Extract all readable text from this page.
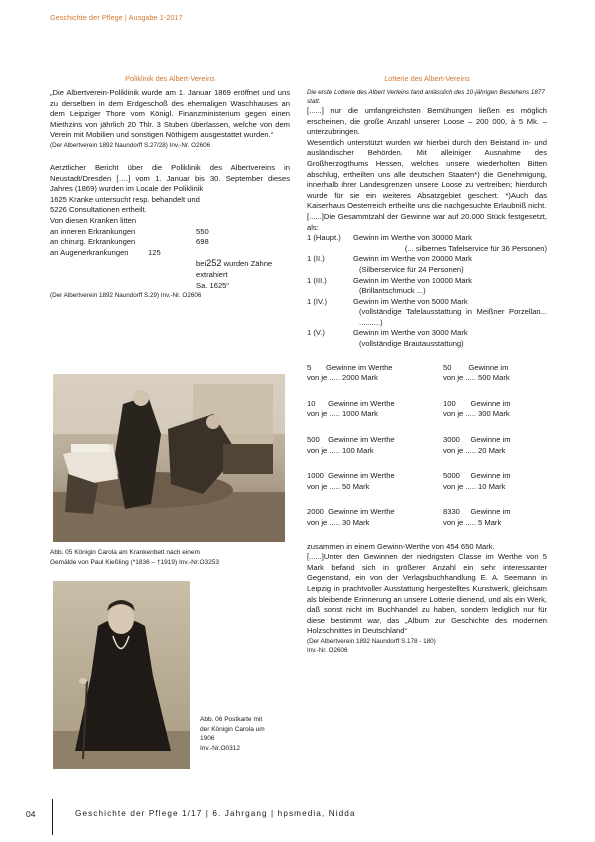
Geschichte der Pflege | Ausgabe 1-2017
Poliklinik des Albert-Vereins

„Die Albertverein-Poliklinik wurde am 1. Januar 1869 eröffnet und uns zu derselben in dem Erdgeschoß des ehemaligen Waschhauses an dem Leipziger Thore vom Königl. Finanzministerium gegen einen Miethzins von jährlich 20 Thlr. 3 Stuben überlassen, welche von dem Verein mit Mobilien und sonstigen Nöthigem ausgestattet wurden.“

(Der Albertverein 1892 Naundorff S.27/28) Inv.-Nr. O2606

Aerztlicher Bericht über die Poliklinik des Albertvereins in Neustadt/Dresden [….] vom 1. Januar bis 30. September dieses Jahres (1869) wurden im Locale der Poliklinik

1625 Kranke untersucht resp. behandelt und
5226 Consultationen ertheilt.
Von diesen Kranken litten
an inneren Erkrankungen	550
an chirurg. Erkrankungen	698
an Augenerkrankungen	125
bei252 wurden Zähne
extrahiert
Sa. 1625“

(Der Albertverein 1892 Naundorff S.29) Inv.-Nr. O2606

Abb. 05 Königin Carola am Krankenbett nach einem
Gemälde von Paul Kießling (*1836 – †1919) Inv.-Nr.O3253
Abb. 06 Postkarte mit
der Königin Carola um
1906
Inv.-Nr.O0312
Lotterie des Albert-Vereins

Die erste Lotterie des Albert Verleins fand anlässlich des 10-jährigen Bestehens 1877 statt.

[......] nur die umfangreichsten Bemühungen ließen es möglich erscheinen, die große Anzahl unserer Loose – 200 000, à 5 Mk. – unterzubringen.

Wesentlich unterstützt wurden wir hierbei durch den Beistand in- und ausländischer Behörden. Mit alleiniger Ausnahme des Großherzogthums Hessen, welches unsere wiederholten Bitten abschlug, ertheilten uns alle deutschen Staaten*) die Genehmigung, innerhalb ihrer Landesgrenzen unsere Loose zu vertreiben; hierdurch wurde für sie ein weiteres Absatzgebiet geschert. *)Auch das Kaiserhaus Oesterreich ertheilte uns die nachgesuchte Erlaubniß nicht.

[......]Die Gesammtzahl der Gewinne war auf 20.000 Stück festgesetzt, als:

1 (Haupt.)	Gewinn im Werthe von 30000 Mark
(... silbernes Tafelservice für 36 Personen)
1 (II.)	Gewinn im Werthe von 20000 Mark
(Silberservice für 24 Personen)
1 (III.)	Gewinn im Werthe von 10000 Mark
(Brillantschmuck ...)
1 (IV.)	Gewinn im Werthe von 5000 Mark
(vollständige Tafelausstattung in Meißner Porzellan... ..........)
1 (V.)	Gewinn im Werthe von 3000 Mark
(vollständige Brautausstattung)
5       Gewinne im Werthe
von je ..... 2000 Mark
50        Gewinne im
von je ..... 500 Mark
10      Gewinne im Werthe
von je ..... 1000 Mark
100       Gewinne im
von je ..... 300 Mark
500    Gewinne im Werthe
von je ..... 100 Mark
3000     Gewinne im
von je ..... 20 Mark
1000  Gewinne im Werthe
von je ..... 50 Mark
5000     Gewinne im
von je ..... 10 Mark
2000  Gewinne im Werthe
von je ..... 30 Mark
8330     Gewinne im
von je ..... 5 Mark

zusammen in einem Gewinn-Werthe von 454 650 Mark.

[......]Unter den Gewinnen der niedrigsten Classe im Werthe von 5 Mark befand sich in größerer Anzahl ein sehr interessanter Gegenstand, ein von der Verlagsbuchhandlung E. A. Seemann in Leipzig in prachtvoller Ausstattung hergestelltes Kunstwerk, gleichsam als bleibende Erinnerung an unsere Lotterie dienend, und als ein Werk, daß sonst nicht im Buchhandel zu haben, sondern lediglich nur für diese bestimmt war, das „Album zur Geschichte des modernen Holzschnittes in Deutschland“

(Der Albertverein 1892 Naundorff S.178 - 180)

Inv.-Nr. O2606

04	Geschichte der Pflege 1/17 | 6. Jahrgang | hpsmedia, Nidda
